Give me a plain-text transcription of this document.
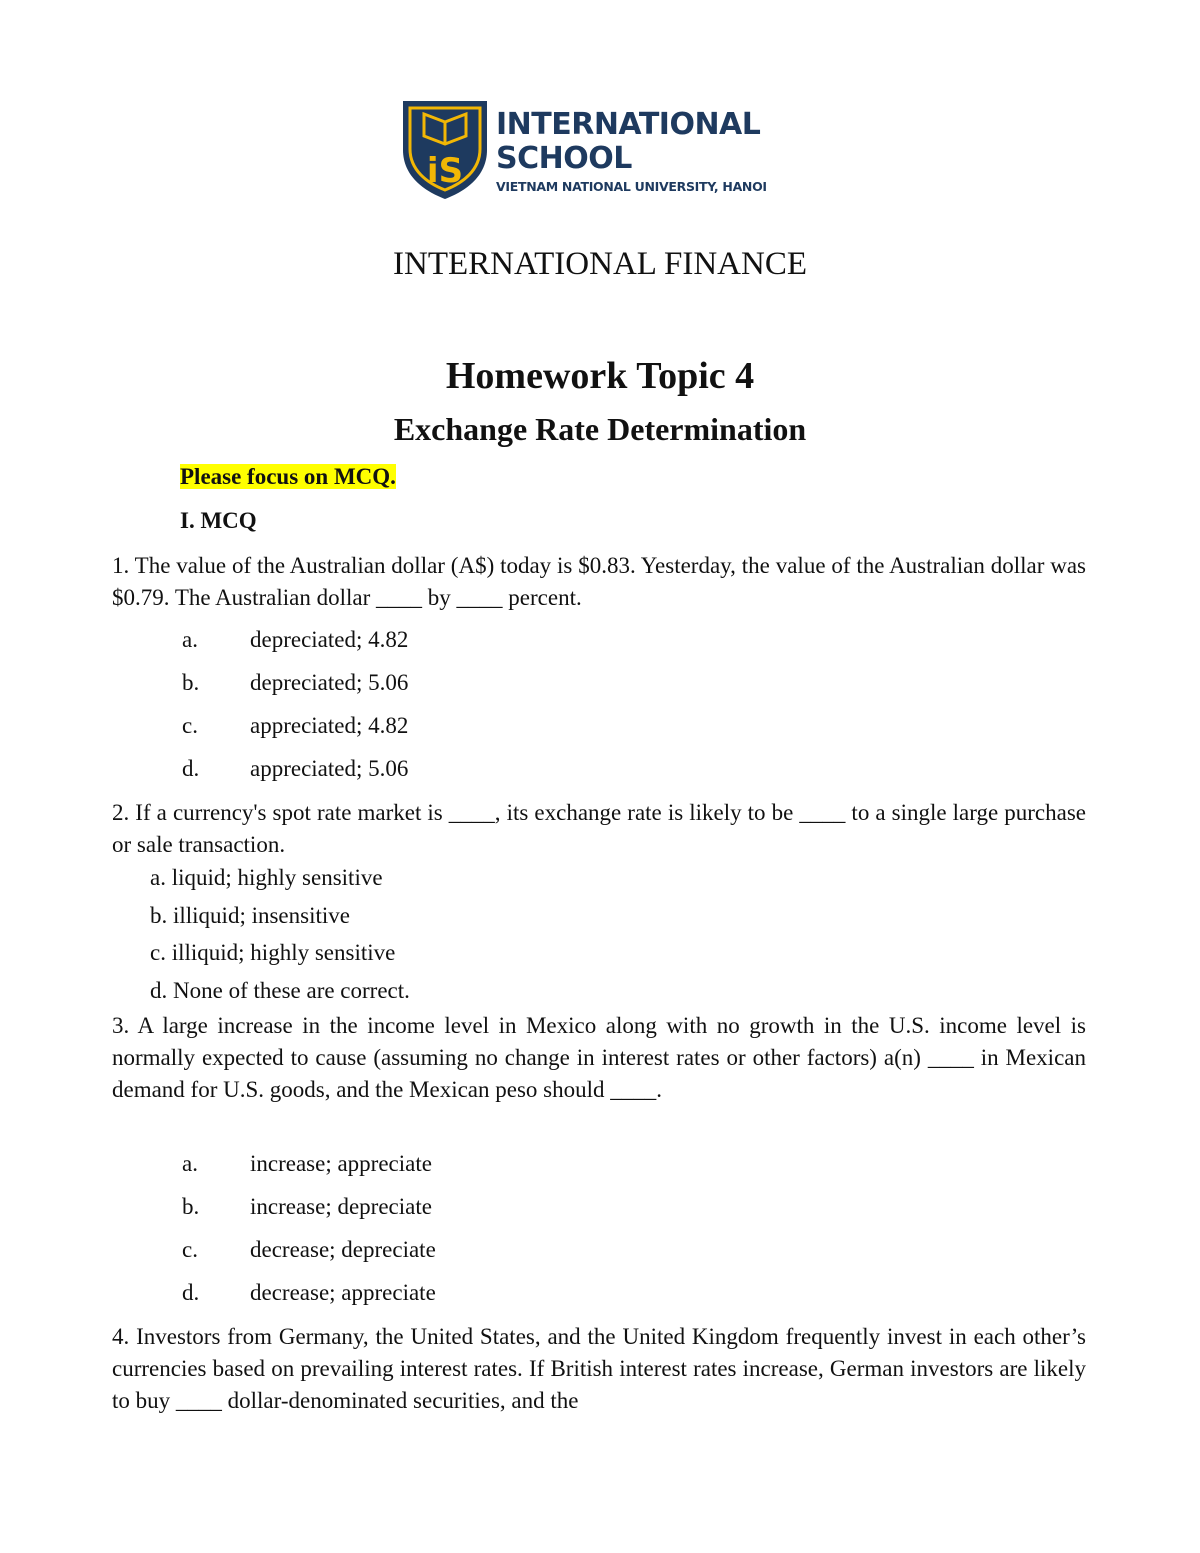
iS
INTERNATIONAL
SCHOOL
VIETNAM NATIONAL UNIVERSITY, HANOI
INTERNATIONAL FINANCE
Homework Topic 4
Exchange Rate Determination
Please focus on MCQ.
I. MCQ
1. The value of the Australian dollar (A$) today is $0.83. Yesterday, the value of the Australian dollar was $0.79. The Australian dollar ____ by ____ percent.
a. depreciated; 4.82
b. depreciated; 5.06
c. appreciated; 4.82
d. appreciated; 5.06
2. If a currency's spot rate market is ____, its exchange rate is likely to be ____ to a single large purchase or sale transaction.
a. liquid; highly sensitive
b. illiquid; insensitive
c. illiquid; highly sensitive
d. None of these are correct.
3. A large increase in the income level in Mexico along with no growth in the U.S. income level is normally expected to cause (assuming no change in interest rates or other factors) a(n) ____ in Mexican demand for U.S. goods, and the Mexican peso should ____.
a. increase; appreciate
b. increase; depreciate
c. decrease; depreciate
d. decrease; appreciate
4. Investors from Germany, the United States, and the United Kingdom frequently invest in each other’s currencies based on prevailing interest rates. If British interest rates increase, German investors are likely to buy ____ dollar-denominated securities, and the
